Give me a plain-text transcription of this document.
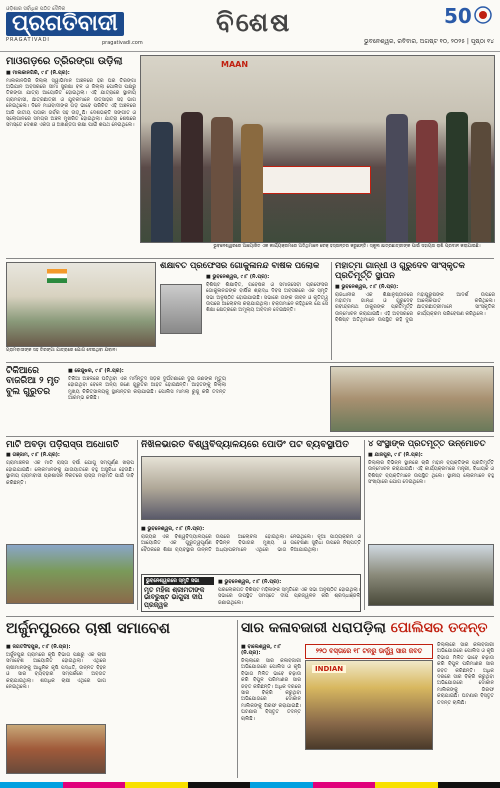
ଓଡ଼ିଶାର ସର୍ବାଧିକ ପଠିତ ଦୈନିକ
ପ୍ରଗତିବାଦୀ
PRAGATIVADI	pragativadi.com
ବିଶେଷ	50
ଭୁବନେଶ୍ୱର, ରବିବାର, ଅଗଷ୍ଟ ୧୦, ୨୦୨୫ | ପୃଷ୍ଠା ୧୪
MAAN
ଭୁବନେଶ୍ୱରରେ ଆୟୋଜିତ ଏକ କାର୍ଯ୍ୟକ୍ରମରେ ଅତିଥିମାନେ ଚେକ୍ ହସ୍ତାନ୍ତର କରୁଛନ୍ତି। ସ୍କୁଲ ଛାତ୍ରଛାତ୍ରୀଙ୍କ ପାଇଁ ସହାୟତା ରାଶି ପ୍ରଦାନ କରାଯାଇଛି।
ମାଓଗଡ଼ରେ ତ୍ରିରଙ୍ଗା ଉଡ଼ିଲା
■ ମାଲକାନଗିରି, ୯।୮ (ନି.ପ୍ର):
ମାଲକାନଗିରି ଜିଲ୍ଲା ସ୍ୱାଭିମାନ ଅଞ୍ଚଳରେ ହର ଘର ତିରଙ୍ଗା ଅଭିଯାନ ଅବସରରେ ସୀମା ସୁରକ୍ଷା ବଳ ଓ ଜିଲ୍ଲା ପୋଲିସ ପକ୍ଷରୁ ତିରଙ୍ଗା ଯାତ୍ରା ଆୟୋଜିତ ହୋଇଥିଲା। ଏହି ଯାତ୍ରାରେ ସ୍ଥାନୀୟ ଗ୍ରାମବାସୀ, ଛାତ୍ରଛାତ୍ରୀ ଓ ଯୁବକମାନେ ଉତ୍ସାହର ସହ ଭାଗ ନେଇଥିଲେ। ଦିନେ ମାଓବାଦୀଙ୍କ ଗଡ଼ ଭାବେ ପରିଚିତ ଏହି ଅଞ୍ଚଳରେ ଆଜି ଜାତୀୟ ପତାକା ଗର୍ବର ସହ ଉଡ଼ୁଛି। ଦେଶଭକ୍ତି ସଙ୍ଗୀତ ଓ ସ୍ଲୋଗାନରେ ସମଗ୍ର ଅଞ୍ଚଳ ମୁଖରିତ ହୋଇଥିଲା। ଯାତ୍ରା ଶେଷରେ ସମସ୍ତେ ଦେଶର ଏକତା ଓ ଅଖଣ୍ଡତା ରକ୍ଷା ପାଇଁ ଶପଥ ନେଇଥିଲେ।
ଗ୍ରାମବାସୀଙ୍କ ସହ ତିରଙ୍ଗା ଯାତ୍ରାରେ ଯୋଗ ଦେଇଥିବା ଯବାନ।
ଶିକ୍ଷାବିତ ପ୍ରଫେସର ଗୋକୁଳାନନ୍ଦ ବାର୍ଷିକ ପଲୋକ
■ ଭୁବନେଶ୍ୱର, ୯।୮ (ନି.ପ୍ର):
ବିଶିଷ୍ଟ ଶିକ୍ଷାବିତ, ଗବେଷକ ଓ ସମାଜସେବୀ ପ୍ରଫେସର ଗୋକୁଳାନନ୍ଦଙ୍କ ବାର୍ଷିକ ଶ୍ରାଦ୍ଧ ଦିବସ ଅବସରରେ ଏକ ସ୍ମୃତି ସଭା ଅନୁଷ୍ଠିତ ହୋଇଯାଇଛି। ସଭାରେ ତାଙ୍କ ଜୀବନ ଓ କୃତିତ୍ୱ ଉପରେ ଆଲୋଚନା କରାଯାଇଥିଲା। ବକ୍ତାମାନେ କହିଥିଲେ ଯେ ସେ ଶିକ୍ଷା କ୍ଷେତ୍ରରେ ଅମୂଲ୍ୟ ଅବଦାନ ଦେଇଛନ୍ତି।
ମହାତ୍ମା ଗାନ୍ଧୀ ଓ ଗୁରୁଦେବ ସାଂସ୍କୃତିକ ପ୍ରତିମୂର୍ତ୍ତି ସ୍ଥାପନ
■ ଭୁବନେଶ୍ୱର, ୯।୮ (ନି.ପ୍ର):
ରାଜଧାନୀର ଏକ ଶିକ୍ଷାନୁଷ୍ଠାନରେ ମହାତ୍ମା ଗାନ୍ଧୀ ଓ ଗୁରୁଦେବ ରବୀନ୍ଦ୍ରନାଥ ଠାକୁରଙ୍କ ପ୍ରତିମୂର୍ତ୍ତି ଉନ୍ମୋଚନ କରାଯାଇଛି। ଏହି ଅବସରରେ ବିଶିଷ୍ଟ ଅତିଥିମାନେ ଉପସ୍ଥିତ ରହି ଦୁଇ ମହାପୁରୁଷଙ୍କ ଆଦର୍ଶ ଉପରେ ଆଲୋକପାତ କରିଥିଲେ। ଛାତ୍ରଛାତ୍ରୀମାନେ ସାଂସ୍କୃତିକ କାର୍ଯ୍ୟକ୍ରମ ପରିବେଷଣ କରିଥିଲେ।
ଟିକିଆରେ ବାଜରିଆ ୨ ମୃତ ବୁଲ ଗୁରୁତର
■ କେନ୍ଦୁଝର, ୯।୮ (ନି.ପ୍ର):
ଟିକିଆ ଅଞ୍ଚଳରେ ଘଟିଥିବା ଏକ ମର୍ମନ୍ତୁଦ ସଡ଼କ ଦୁର୍ଘଟଣାରେ ଦୁଇ ଜଣଙ୍କ ମୃତ୍ୟୁ ହୋଇଥିବା ବେଳେ ଅନ୍ୟ ଜଣେ ଗୁରୁତର ଆହତ ହୋଇଛନ୍ତି। ଆହତଙ୍କୁ ଜିଲ୍ଲା ମୁଖ୍ୟ ଚିକିତ୍ସାଳୟକୁ ସ୍ଥାନାନ୍ତର କରାଯାଇଛି। ପୋଲିସ ମାମଲା ରୁଜୁ କରି ତଦନ୍ତ ଆରମ୍ଭ କରିଛି।
ମାଟି ଅବଡ଼ା ପଡ଼ିରାସ୍ତା ଅଧୋଗତି
■ ଗଞ୍ଜାମ, ୯।୮ (ନି.ପ୍ର):
ଗ୍ରାମାଞ୍ଚଳର ଏକ ମାଟି ରାସ୍ତା ବର୍ଷା ଯୋଗୁ ସମ୍ପୂର୍ଣ୍ଣ ଖରାପ ହୋଇଯାଇଛି। ଲୋକମାନଙ୍କୁ ଯାତାୟାତରେ ବହୁ ଅସୁବିଧା ହେଉଛି। ସ୍ଥାନୀୟ ଗ୍ରାମବାସୀ ପ୍ରଶାସନ ନିକଟରେ ରାସ୍ତା ମରାମତି ପାଇଁ ଦାବି କରିଛନ୍ତି।
ନିଖିଳଭାରତ ବିଶ୍ୱବିଦ୍ୟାଳୟରେ ପୋଡିଂ ପଟ ବ୍ୟବସ୍ଥାପିତ
■ ଭୁବନେଶ୍ୱର, ୯।୮ (ନି.ପ୍ର):
ରାଜ୍ୟର ଏକ ବିଶ୍ୱବିଦ୍ୟାଳୟରେ ଆୟୋଜିତ ଏକ ଗୁରୁତ୍ୱପୂର୍ଣ୍ଣ ବୈଠକରେ ଶିକ୍ଷା ବ୍ୟବସ୍ଥାର ଉନ୍ନତି ଉପରେ ଆଲୋଚନା ହୋଇଥିଲା। ବିଭିନ୍ନ ବିଭାଗର ମୁଖ୍ୟ ଓ ଅଧ୍ୟାପକମାନେ ଏଥିରେ ଭାଗ ନେଇଥିଲେ। ନୂଆ ପାଠ୍ୟକ୍ରମ ଓ ଗବେଷଣା ସୁବିଧା ଉପରେ ନିଷ୍ପତ୍ତି ନିଆଯାଇଥିଲା।
୪ ସଂସ୍ଥାଙ୍କ ପ୍ରତିମୂର୍ତ୍ତି ଉନ୍ମୋଚିତ
■ ଯାଜପୁର, ୯।୮ (ନି.ପ୍ର):
ଜିଲ୍ଲାର ବିଭିନ୍ନ ସ୍ଥାନରେ ଚାରି ମହାନ ବ୍ୟକ୍ତିଙ୍କ ପ୍ରତିମୂର୍ତ୍ତି ଉନ୍ମୋଚନ କରାଯାଇଛି। ଏହି କାର୍ଯ୍ୟକ୍ରମରେ ମନ୍ତ୍ରୀ, ବିଧାୟକ ଓ ବିଶିଷ୍ଟ ବ୍ୟକ୍ତିମାନେ ଉପସ୍ଥିତ ଥିଲେ। ସ୍ଥାନୀୟ ଲୋକମାନେ ବହୁ ସଂଖ୍ୟାରେ ଯୋଗ ଦେଇଥିଲେ।
ଭୁବନେଶ୍ୱରରେ ସ୍ମୃତି ସଭା
ମୃତ ମହିଳା ଶ୍ରୀମତୀଙ୍କ ଭାବରୁଷ୍ଟ ଭାଗୁରୀ ଦୀପ ପ୍ରଜ୍ୱଳ
■ ଭୁବନେଶ୍ୱର, ୯।୮ (ନି.ପ୍ର):
ପରଲୋକଗତ ବିଶିଷ୍ଟ ମହିଳାଙ୍କ ସ୍ମୃତିରେ ଏକ ସଭା ଅନୁଷ୍ଠିତ ହୋଇଥିଲା। ସଭାରେ ଉପସ୍ଥିତ ସମସ୍ତେ ଦୀପ ପ୍ରଜ୍ୱଳନ କରି ଶ୍ରଦ୍ଧାଞ୍ଜଳି ଜଣାଇଥିଲେ।
ଅର୍ଜୁନପୁରରେ ଚାଷୀ ସମାବେଶ
■ ଜଗତସିଂହପୁର, ୯।୮ (ନି.ପ୍ର):
ଅର୍ଜୁନପୁର ଗ୍ରାମରେ କୃଷି ବିଭାଗ ପକ୍ଷରୁ ଏକ ଚାଷୀ ସମାବେଶ ଆୟୋଜିତ ହୋଇଥିଲା। ଏଥିରେ ଚାଷୀମାନଙ୍କୁ ଆଧୁନିକ କୃଷି ପଦ୍ଧତି, ଉନ୍ନତ ବିହନ ଓ ସାର ବ୍ୟବହାର ସମ୍ପର୍କରେ ଅବଗତ କରାଯାଇଥିଲା। ଶତାଧିକ ଚାଷୀ ଏଥିରେ ଭାଗ ନେଇଥିଲେ।
ସାର କଳାବଜାରୀ ଧରାପଡ଼ିଲା ପୋଲିସର ତଦନ୍ତ
■ ବାଲେଶ୍ୱର, ୯।୮ (ନି.ପ୍ର):
ଜିଲ୍ଲାରେ ସାର କଳାବଜାରୀ ଅଭିଯୋଗରେ ପୋଲିସ ଓ କୃଷି ବିଭାଗ ମିଳିତ ଭାବେ ଚଢ଼ାଉ କରି ବିପୁଳ ପରିମାଣର ସାର ଜବତ କରିଛନ୍ତି। ଅଧିକ ଦରରେ ସାର ବିକ୍ରି କରୁଥିବା ଅଭିଯୋଗରେ ଦୋକାନ ମାଲିକଙ୍କୁ ଗିରଫ କରାଯାଇଛି। ଘଟଣାର ବିସ୍ତୃତ ତଦନ୍ତ ଚାଲିଛି।
୨୨୦ ବସ୍ତାରେ ୧୮ ଟନରୁ ଊର୍ଦ୍ଧ୍ୱ ସାର ଜବତ
INDIAN
ଜିଲ୍ଲାରେ ସାର କଳାବଜାରୀ ଅଭିଯୋଗରେ ପୋଲିସ ଓ କୃଷି ବିଭାଗ ମିଳିତ ଭାବେ ଚଢ଼ାଉ କରି ବିପୁଳ ପରିମାଣର ସାର ଜବତ କରିଛନ୍ତି। ଅଧିକ ଦରରେ ସାର ବିକ୍ରି କରୁଥିବା ଅଭିଯୋଗରେ ଦୋକାନ ମାଲିକଙ୍କୁ ଗିରଫ କରାଯାଇଛି। ଘଟଣାର ବିସ୍ତୃତ ତଦନ୍ତ ଚାଲିଛି।
